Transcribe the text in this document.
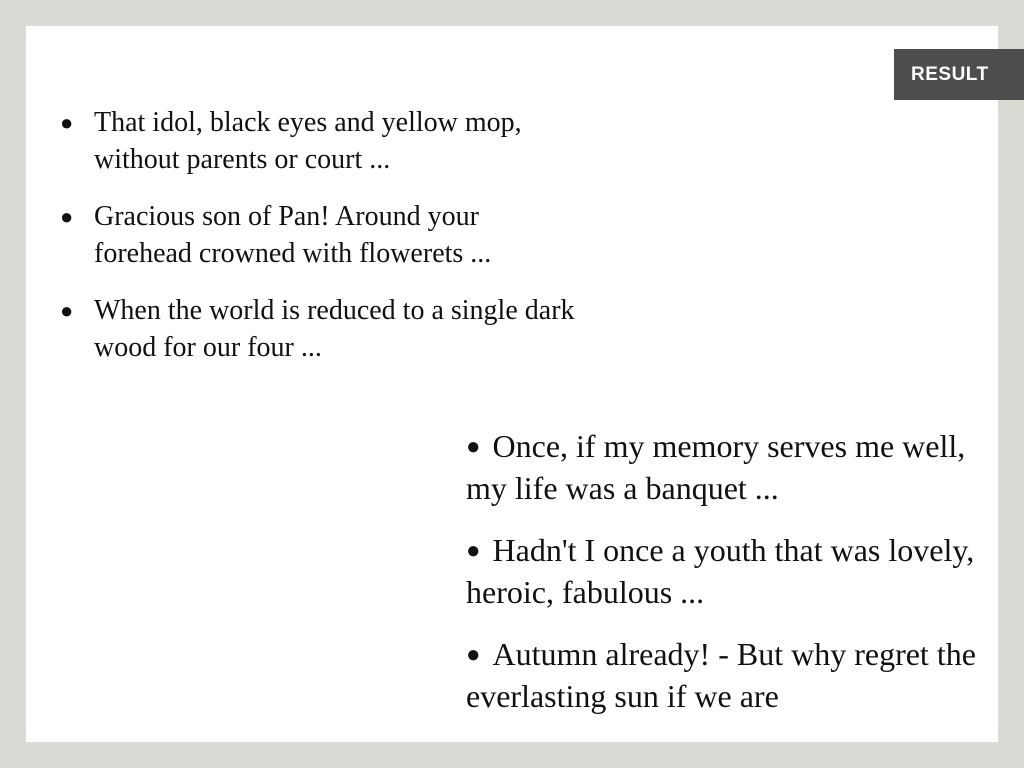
RESULT
● That idol, black eyes and yellow mop, without parents or court ...
● Gracious son of Pan! Around your forehead crowned with flowerets ...
● When the world is reduced to a single dark wood for our four ...
● Once, if my memory serves me well, my life was a banquet ...
● Hadn't I once a youth that was lovely, heroic, fabulous ...
● Autumn already! - But why regret the everlasting sun if we are
